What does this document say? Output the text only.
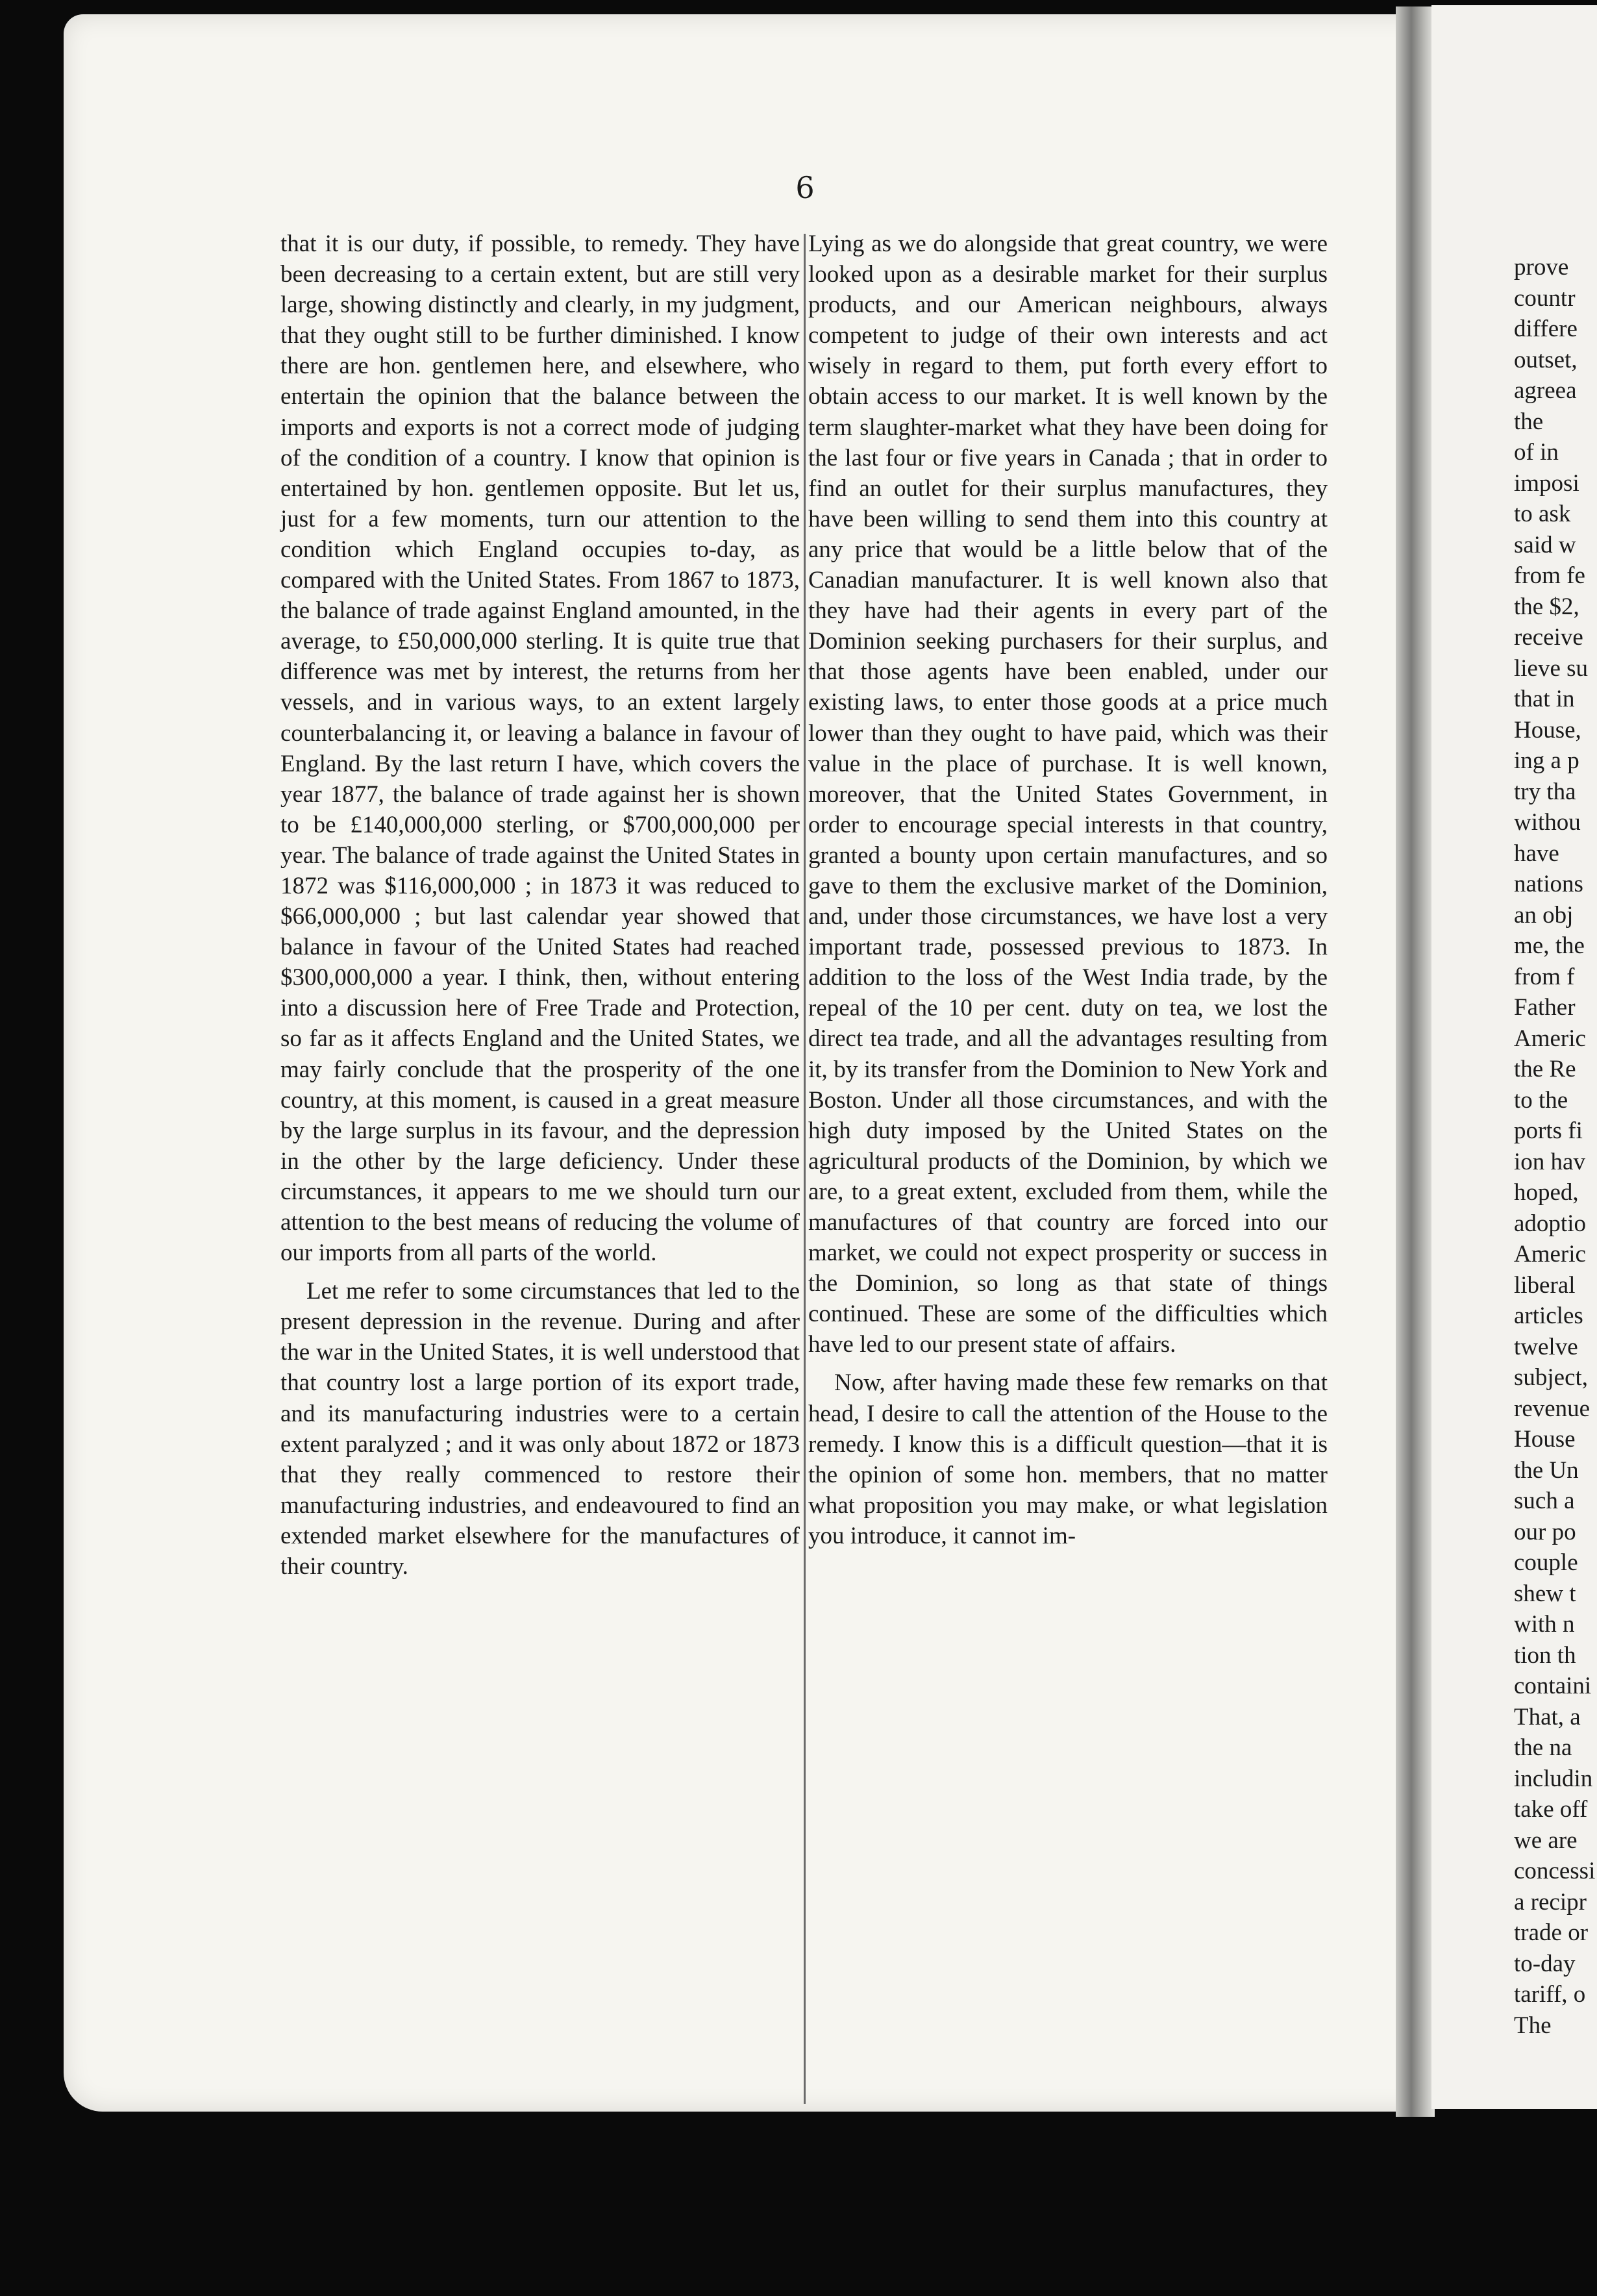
6

that it is our duty, if possible, to remedy. They have been decreasing to a certain extent, but are still very large, showing distinctly and clearly, in my judgment, that they ought still to be further diminished. I know there are hon. gentlemen here, and elsewhere, who entertain the opinion that the balance between the imports and exports is not a correct mode of judging of the condition of a country. I know that opinion is entertained by hon. gentlemen opposite. But let us, just for a few moments, turn our attention to the condition which England occupies to-day, as compared with the United States. From 1867 to 1873, the balance of trade against England amounted, in the average, to £50,000,000 sterling. It is quite true that difference was met by interest, the returns from her vessels, and in various ways, to an extent largely counterbalancing it, or leaving a balance in favour of England. By the last return I have, which covers the year 1877, the balance of trade against her is shown to be £140,000,000 sterling, or $700,000,000 per year. The balance of trade against the United States in 1872 was $116,000,000 ; in 1873 it was reduced to $66,000,000 ; but last calendar year showed that balance in favour of the United States had reached $300,000,000 a year. I think, then, without entering into a discussion here of Free Trade and Protection, so far as it affects England and the United States, we may fairly conclude that the prosperity of the one country, at this moment, is caused in a great measure by the large surplus in its favour, and the depression in the other by the large deficiency. Under these circumstances, it appears to me we should turn our attention to the best means of reducing the volume of our imports from all parts of the world.

Let me refer to some circumstances that led to the present depression in the revenue. During and after the war in the United States, it is well understood that that country lost a large portion of its export trade, and its manufacturing industries were to a certain extent paralyzed ; and it was only about 1872 or 1873 that they really commenced to restore their manufacturing industries, and endeavoured to find an extended market elsewhere for the manufactures of their country.

Lying as we do alongside that great country, we were looked upon as a desirable market for their surplus products, and our American neighbours, always competent to judge of their own interests and act wisely in regard to them, put forth every effort to obtain access to our market. It is well known by the term slaughter-market what they have been doing for the last four or five years in Canada ; that in order to find an outlet for their surplus manufactures, they have been willing to send them into this country at any price that would be a little below that of the Canadian manufacturer. It is well known also that they have had their agents in every part of the Dominion seeking purchasers for their surplus, and that those agents have been enabled, under our existing laws, to enter those goods at a price much lower than they ought to have paid, which was their value in the place of purchase. It is well known, moreover, that the United States Government, in order to encourage special interests in that country, granted a bounty upon certain manufactures, and so gave to them the exclusive market of the Dominion, and, under those circumstances, we have lost a very important trade, possessed previous to 1873. In addition to the loss of the West India trade, by the repeal of the 10 per cent. duty on tea, we lost the direct tea trade, and all the advantages resulting from it, by its transfer from the Dominion to New York and Boston. Under all those circumstances, and with the high duty imposed by the United States on the agricultural products of the Dominion, by which we are, to a great extent, excluded from them, while the manufactures of that country are forced into our market, we could not expect prosperity or success in the Dominion, so long as that state of things continued. These are some of the difficulties which have led to our present state of affairs.

Now, after having made these few remarks on that head, I desire to call the attention of the House to the remedy. I know this is a difficult question—that it is the opinion of some hon. members, that no matter what proposition you may make, or what legislation you introduce, it cannot im-

prove
countr
differe
outset,
agreea
the
of in
imposi
to ask
said w
from fe
the $2,
receive
lieve su
that in
House,
ing a p
try tha
withou
have
nations
an obj
me, the
from f
Father
Americ
the Re
to the
ports fi
ion hav
hoped,
adoptio
Americ
liberal
articles
twelve
subject,
revenue
House
the Un
such a
our po
couple
shew t
with n
tion th
containi
That, a
the na
includin
take off
we are
concessi
a recipr
trade or
to-day
tariff, o
The
